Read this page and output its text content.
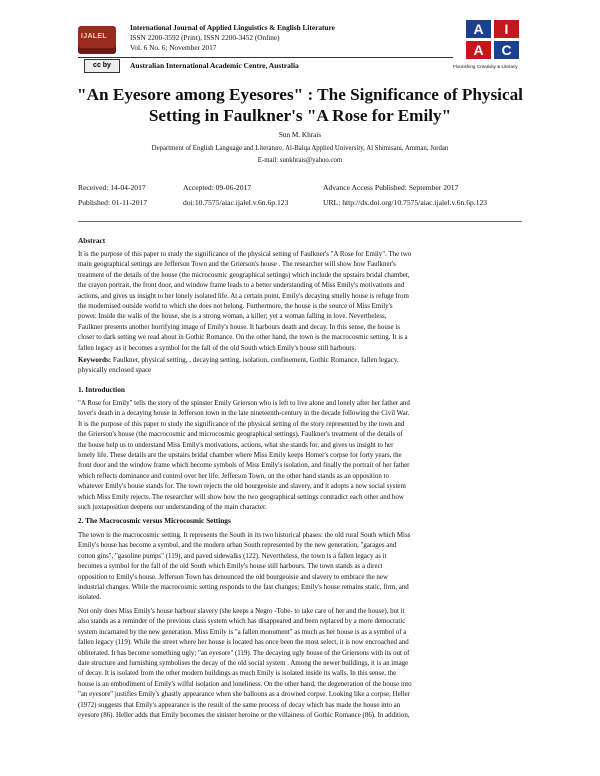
IJALEL
International Journal of Applied Linguistics & English Literature
ISSN 2200-3592 (Print), ISSN 2200-3452 (Online)
Vol. 6 No. 6; November 2017
cc by	Australian International Academic Centre, Australia
A	I
A	C
Flourishing Creativity & Literacy
"An Eyesore among Eyesores" : The Significance of Physical
Setting in Faulkner's "A Rose for Emily"
Sun M. Khrais
Department of English Language and Literature, Al-Balqa Applied University, Al Shimisani, Amman, Jordan
E-mail: sunkhrais@yahoo.com
Received: 14-04-2017	Accepted: 09-06-2017	Advance Access Published: September 2017
Published: 01-11-2017	doi:10.7575/aiac.ijalel.v.6n.6p.123	URL: http://dx.doi.org/10.7575/aiac.ijalel.v.6n.6p.123
Abstract
It is the purpose of this paper to study the significance of the physical setting of Faulkner's "A Rose for Emily". The two
main geographical settings are Jefferson Town and the Grierson's house . The researcher will show how Faulkner's
treatment of the details of the house (the microcosmic geographical settings) which include the upstairs bridal chamber,
the crayon portrait, the front door, and window frame leads to a better understanding of Miss Emily's motivations and
actions, and gives us insight to her lonely isolated life. At a certain point, Emily's decaying smelly house is refuge from
the modernised outside world to which she does not belong. Furthermore, the house is the source of Miss Emily's
power. Inside the walls of the house, she is a strong woman, a killer; yet a woman falling in love. Nevertheless,
Faulkner presents another horrifying image of Emily's house. It harbours death and decay. In this sense, the house is
closer to dark setting we read about in Gothic Romance. On the other hand, the town is the macrocosmic setting. It is a
fallen legacy as it becomes a symbol for the fall of the old South which Emily's house still harbours.
Keywords: Faulkner, physical setting, , decaying setting, isolation, confinement, Gothic Romance, fallen legacy,
physically enclosed space
1. Introduction
"A Rose for Emily" tells the story of the spinster Emily Grierson who is left to live alone and lonely after her father and
lover's death in a decaying house in Jefferson town in the late nineteenth-century in the decade following the Civil War.
It is the purpose of this paper to study the significance of the physical setting of the story represented by the town and
the Grierson's house (the macrocosmic and microcosmic geographical settings). Faulkner's treatment of the details of
the house help us to understand Miss Emily's motivations, actions, what she stands for, and gives us insight to her
lonely life. These details are the upstairs bridal chamber where Miss Emily keeps Homer's corpse for forty years, the
front door and the window frame which become symbols of Miss Emily's isolation, and finally the portrait of her father
which reflects dominance and control over her life. Jefferson Town, on the other hand stands as an opposition to
whatever Emily's house stands for. The town rejects the old bourgeoisie and slavery, and it adopts a new social system
which Miss Emily rejects. The researcher will show how the two geographical settings contradict each other and how
such juxtaposition deepens our understanding of the main character.
2. The Macrocosmic versus Microcosmic Settings
The town is the macrocosmic setting. It represents the South in its two historical phases: the old rural South which Miss
Emily's house has become a symbol, and the modern urban South represented by the new generation, "garages and
cotton gins", "gasoline pumps" (119), and paved sidewalks (122). Nevertheless, the town is a fallen legacy as it
becomes a symbol for the fall of the old South which Emily's house still harbours. The town stands as a direct
opposition to Emily's house. Jefferson Town has denounced the old bourgeoisie and slavery to embrace the new
industrial changes. While the macrocosmic setting responds to the fast changes; Emily's house remains static, firm, and
isolated.
Not only does Miss Emily's house harbour slavery (she keeps a Negro -Tobe- to take care of her and the house), but it
also stands as a reminder of the previous class system which has disappeared and been replaced by a more democratic
system incarnated by the new generation. Miss Emily is "a fallen monument" as much as her house is as a symbol of a
fallen legacy (119). While the street where her house is located has once been the most select, it is now encroached and
obliterated. It has become something ugly; "an eyesore" (119). The decaying ugly house of the Griersons with its out of
date structure and furnishing symbolises the decay of the old social system . Among the newer buildings, it is an image
of decay. It is isolated from the other modern buildings as much Emily is isolated inside its walls. In this sense, the
house is an embodiment of Emily's wilful isolation and loneliness. On the other hand, the degeneration of the house into
"an eyesore" justifies Emily's ghastly appearance when she balloons as a drowned corpse. Looking like a corpse, Heller
(1972) suggests that Emily's appearance is the result of the same process of decay which has made the house into an
eyesore (86). Heller adds that Emily becomes the sinister heroine or the villainess of Gothic Romance (86). In addition,
